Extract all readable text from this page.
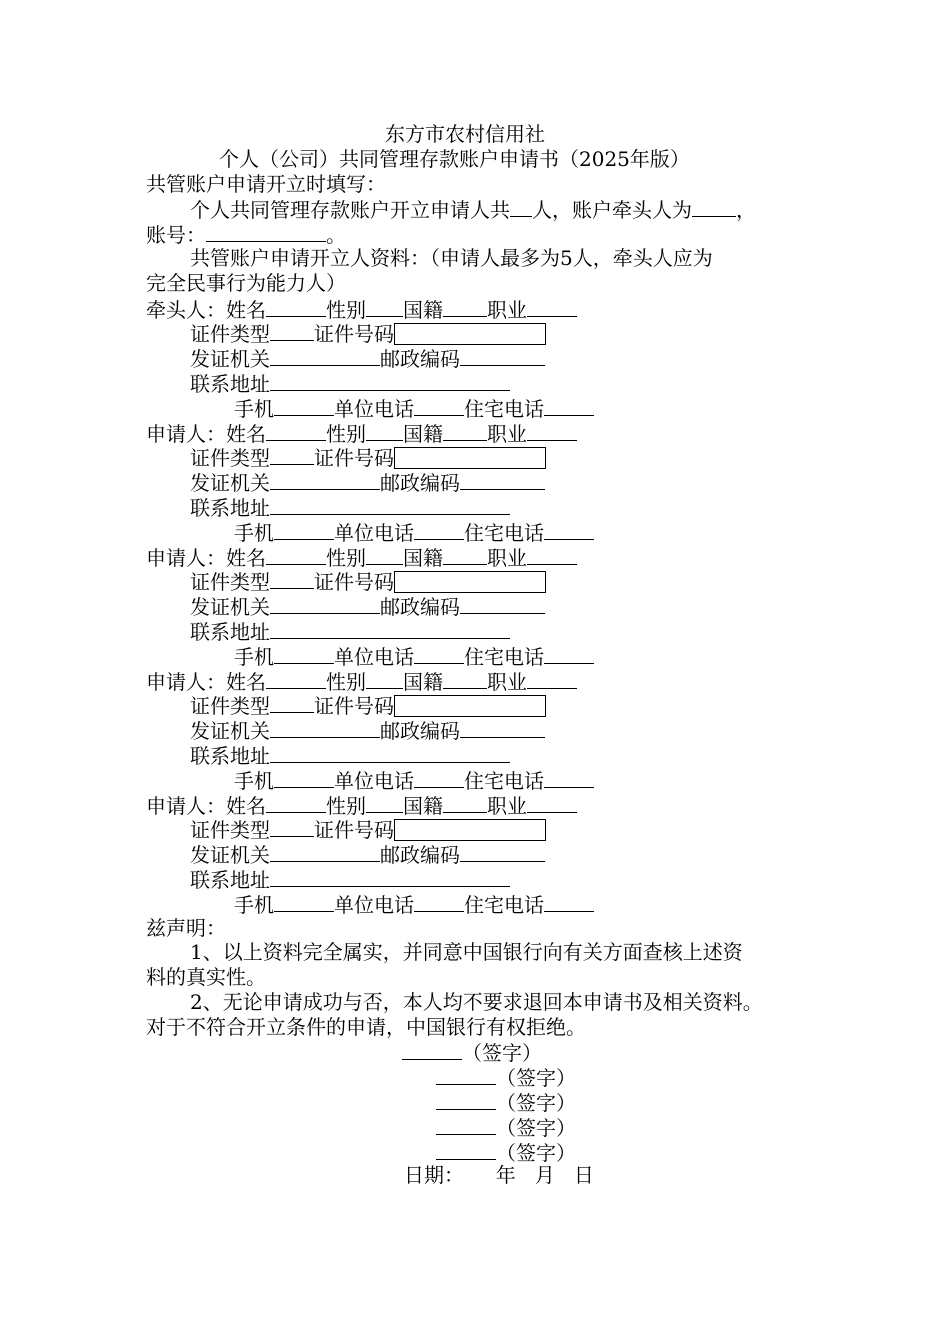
东方市农村信用社
个人（公司）共同管理存款账户申请书（2025年版）
共管账户申请开立时填写：
个人共同管理存款账户开立申请人共 人，账户牵头人为 ，
账号：	。
共管账户申请开立人资料：（申请人最多为5人，牵头人应为
完全民事行为能力人）
牵头人：姓名	性别 国籍 职业
证件类型 证件号码
发证机关	邮政编码
联系地址
手机	单位电话	住宅电话
申请人：姓名	性别 国籍 职业
证件类型 证件号码
发证机关	邮政编码
联系地址
手机	单位电话	住宅电话
申请人：姓名	性别 国籍 职业
证件类型 证件号码
发证机关	邮政编码
联系地址
手机	单位电话	住宅电话
申请人：姓名	性别 国籍 职业
证件类型 证件号码
发证机关	邮政编码
联系地址
手机	单位电话	住宅电话
申请人：姓名	性别 国籍 职业
证件类型 证件号码
发证机关	邮政编码
联系地址
手机	单位电话	住宅电话
兹声明：
1、以上资料完全属实，并同意中国银行向有关方面查核上述资
料的真实性。
2、无论申请成功与否，本人均不要求退回本申请书及相关资料。
对于不符合开立条件的申请，中国银行有权拒绝。
（签字）
（签字）
（签字）
（签字）
（签字）
日期：     年   月   日
